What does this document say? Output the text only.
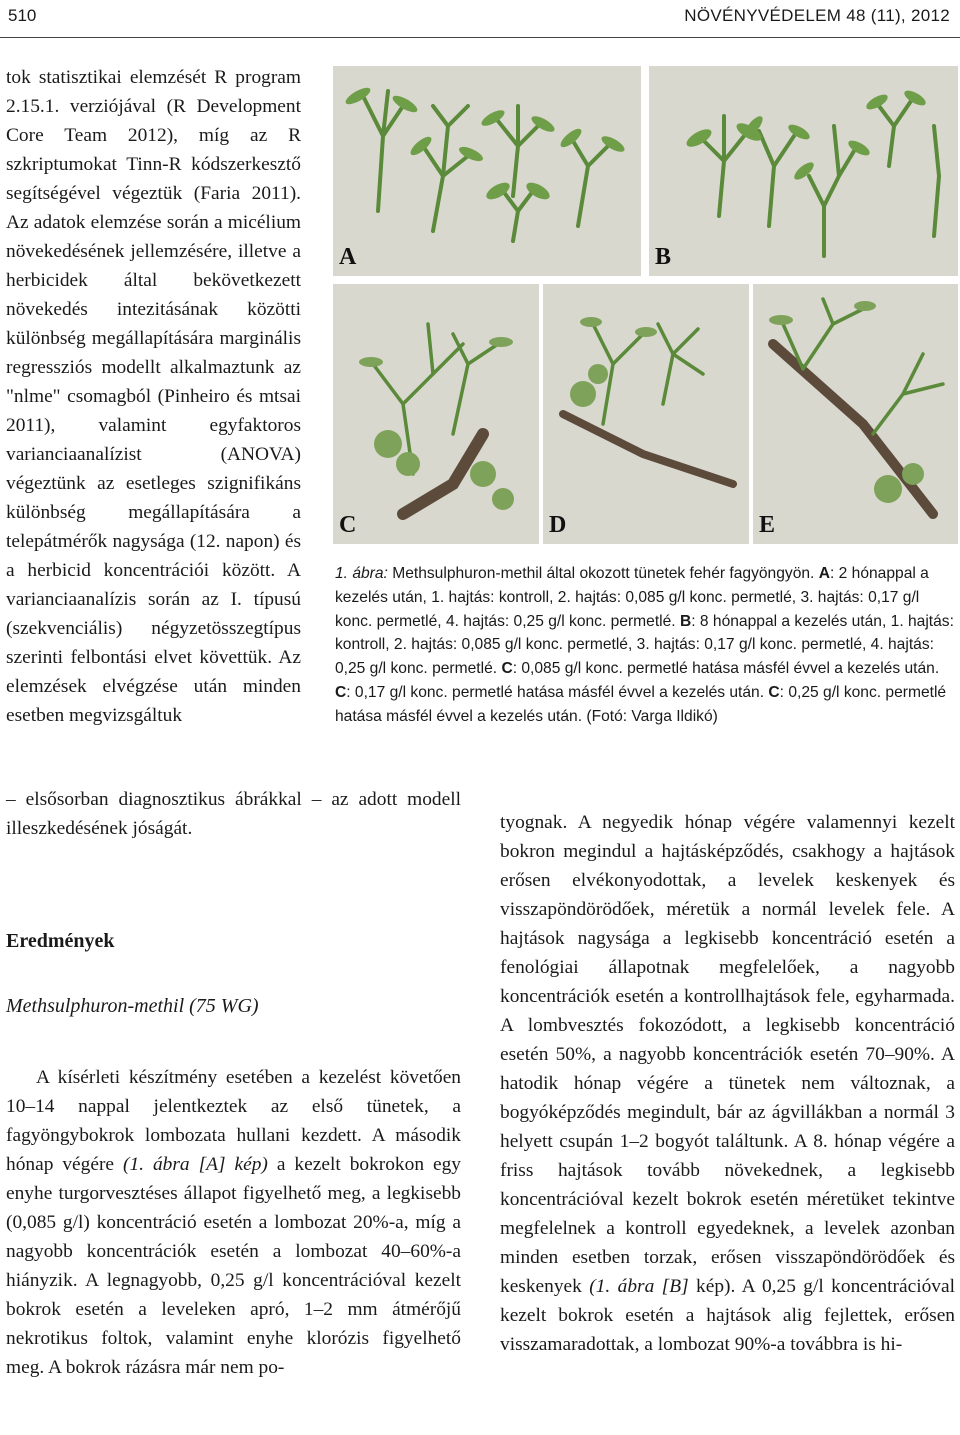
510	NÖVÉNYVÉDELEM 48 (11), 2012

tok statisztikai elemzését R program 2.15.1. verziójával (R Development Core Team 2012), míg az R szkriptumokat Tinn-R kódszerkesztő segítségével végeztük (Faria 2011). Az adatok elemzése során a micélium növekedésének jellemzésére, illetve a herbicidek által bekövetkezett növekedés intezitásának közötti különbség megállapítására marginális regressziós modellt alkalmaztunk az "nlme" csomagból (Pinheiro és mtsai 2011), valamint egyfaktoros varianciaanalízist (ANOVA) végeztünk az esetleges szignifikáns különbség megállapítására a telepátmérők nagysága (12. napon) és a herbicid koncentrációi között. A varianciaanalízis során az I. típusú (szekvenciális) négyzetösszegtípus szerinti felbontási elvet követtük. Az elemzések elvégzése után minden esetben megvizsgáltuk

– elsősorban diagnosztikus ábrákkal – az adott modell illeszkedésének jóságát.

Eredmények
Methsulphuron-methil (75 WG)

A kísérleti készítmény esetében a kezelést követően 10–14 nappal jelentkeztek az első tünetek, a fagyöngybokrok lombozata hullani kezdett. A második hónap végére (1. ábra [A] kép) a kezelt bokrokon egy enyhe turgorvesztéses állapot figyelhető meg, a legkisebb (0,085 g/l) koncentráció esetén a lombozat 20%-a, míg a nagyobb koncentrációk esetén a lombozat 40–60%-a hiányzik. A legnagyobb, 0,25 g/l koncentrációval kezelt bokrok esetén a leveleken apró, 1–2 mm átmérőjű nekrotikus foltok, valamint enyhe klorózis figyelhető meg. A bokrok rázásra már nem po-

tyognak. A negyedik hónap végére valamennyi kezelt bokron megindul a hajtásképződés, csakhogy a hajtások erősen elvékonyodottak, a levelek keskenyek és visszapöndörödőek, méretük a normál levelek fele. A hajtások nagysága a legkisebb koncentráció esetén a fenológiai állapotnak megfelelőek, a nagyobb koncentrációk esetén a kontrollhajtások fele, egyharmada. A lombvesztés fokozódott, a legkisebb koncentráció esetén 50%, a nagyobb koncentrációk esetén 70–90%. A hatodik hónap végére a tünetek nem változnak, a bogyóképződés megindult, bár az ágvillákban a normál 3 helyett csupán 1–2 bogyót találtunk. A 8. hónap végére a friss hajtások tovább növekednek, a legkisebb koncentrációval kezelt bokrok esetén méretüket tekintve megfelelnek a kontroll egyedeknek, a levelek azonban minden esetben torzak, erősen visszapöndörödőek és keskenyek (1. ábra [B] kép). A 0,25 g/l koncentrációval kezelt bokrok esetén a hajtások alig fejlettek, erősen visszamaradottak, a lombozat 90%-a továbbra is hi-

A	B
C	D	E
1. ábra: Methsulphuron-methil által okozott tünetek fehér fagyöngyön. A: 2 hónappal a kezelés után, 1. hajtás: kontroll, 2. hajtás: 0,085 g/l konc. permetlé, 3. hajtás: 0,17 g/l konc. permetlé, 4. hajtás: 0,25 g/l konc. permetlé. B: 8 hónappal a kezelés után, 1. hajtás: kontroll, 2. hajtás: 0,085 g/l konc. permetlé, 3. hajtás: 0,17 g/l konc. permetlé, 4. hajtás: 0,25 g/l konc. permetlé. C: 0,085 g/l konc. permetlé hatása másfél évvel a kezelés után. C: 0,17 g/l konc. permetlé hatása másfél évvel a kezelés után. C: 0,25 g/l konc. permetlé hatása másfél évvel a kezelés után. (Fotó: Varga Ildikó)
